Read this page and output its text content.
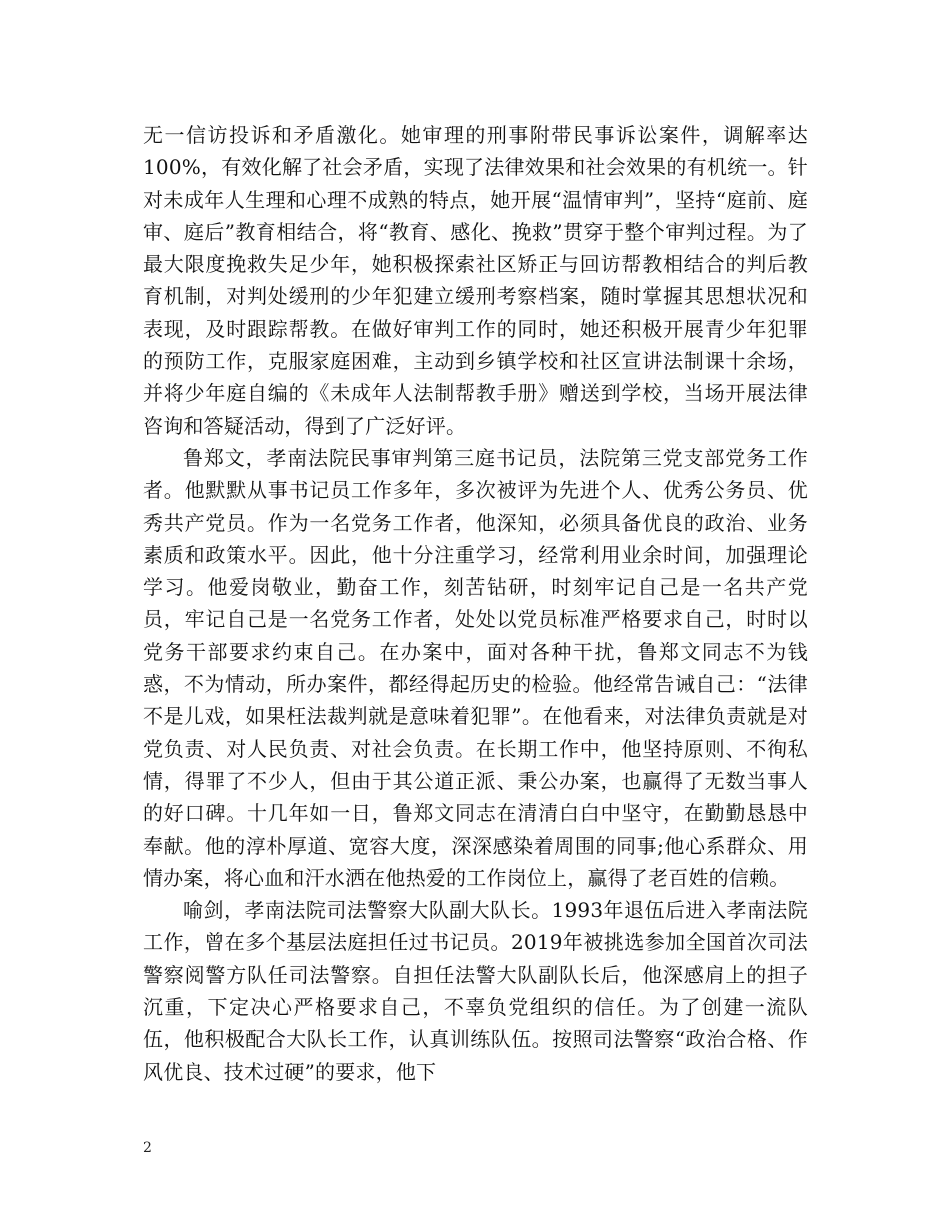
无一信访投诉和矛盾激化。她审理的刑事附带民事诉讼案件，调解率达100%，有效化解了社会矛盾，实现了法律效果和社会效果的有机统一。针对未成年人生理和心理不成熟的特点，她开展“温情审判”，坚持“庭前、庭审、庭后”教育相结合，将“教育、感化、挽救”贯穿于整个审判过程。为了最大限度挽救失足少年，她积极探索社区矫正与回访帮教相结合的判后教育机制，对判处缓刑的少年犯建立缓刑考察档案，随时掌握其思想状况和表现，及时跟踪帮教。在做好审判工作的同时，她还积极开展青少年犯罪的预防工作，克服家庭困难，主动到乡镇学校和社区宣讲法制课十余场，并将少年庭自编的《未成年人法制帮教手册》赠送到学校，当场开展法律咨询和答疑活动，得到了广泛好评。

鲁郑文，孝南法院民事审判第三庭书记员，法院第三党支部党务工作者。他默默从事书记员工作多年，多次被评为先进个人、优秀公务员、优秀共产党员。作为一名党务工作者，他深知，必须具备优良的政治、业务素质和政策水平。因此，他十分注重学习，经常利用业余时间，加强理论学习。他爱岗敬业，勤奋工作，刻苦钻研，时刻牢记自己是一名共产党员，牢记自己是一名党务工作者，处处以党员标准严格要求自己，时时以党务干部要求约束自己。在办案中，面对各种干扰，鲁郑文同志不为钱惑，不为情动，所办案件，都经得起历史的检验。他经常告诫自己：“法律不是儿戏，如果枉法裁判就是意味着犯罪”。在他看来，对法律负责就是对党负责、对人民负责、对社会负责。在长期工作中，他坚持原则、不徇私情，得罪了不少人，但由于其公道正派、秉公办案，也赢得了无数当事人的好口碑。十几年如一日，鲁郑文同志在清清白白中坚守，在勤勤恳恳中奉献。他的淳朴厚道、宽容大度，深深感染着周围的同事;他心系群众、用情办案，将心血和汗水洒在他热爱的工作岗位上，赢得了老百姓的信赖。

喻剑，孝南法院司法警察大队副大队长。1993年退伍后进入孝南法院工作，曾在多个基层法庭担任过书记员。2019年被挑选参加全国首次司法警察阅警方队任司法警察。自担任法警大队副队长后，他深感肩上的担子沉重，下定决心严格要求自己，不辜负党组织的信任。为了创建一流队伍，他积极配合大队长工作，认真训练队伍。按照司法警察“政治合格、作风优良、技术过硬”的要求，他下

2
